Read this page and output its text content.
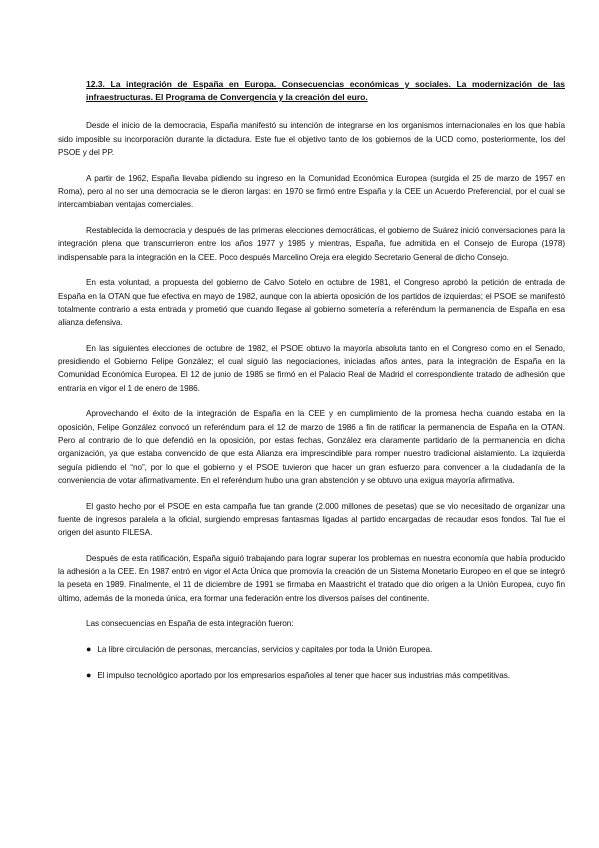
12.3. La integración de España en Europa. Consecuencias económicas y sociales. La modernización de las infraestructuras. El Programa de Convergencia y la creación del euro.

Desde el inicio de la democracia, España manifestó su intención de integrarse en los organismos internacionales en los que había sido imposible su incorporación durante la dictadura. Este fue el objetivo tanto de los gobiernos de la UCD como, posteriormente, los del PSOE y del PP.

A partir de 1962, España llevaba pidiendo su ingreso en la Comunidad Económica Europea (surgida el 25 de marzo de 1957 en Roma), pero al no ser una democracia se le dieron largas: en 1970 se firmó entre España y la CEE un Acuerdo Preferencial, por el cual se intercambiaban ventajas comerciales.

Restablecida la democracia y después de las primeras elecciones democráticas, el gobierno de Suárez inició conversaciones para la integración plena que transcurrieron entre los años 1977 y 1985 y mientras, España, fue admitida en el Consejo de Europa (1978) indispensable para la integración en la CEE. Poco después Marcelino Oreja era elegido Secretario General de dicho Consejo.

En esta voluntad, a propuesta del gobierno de Calvo Sotelo en octubre de 1981, el Congreso aprobó la petición de entrada de España en la OTAN que fue efectiva en mayo de 1982, aunque con la abierta oposición de los partidos de izquierdas; el PSOE se manifestó totalmente contrario a esta entrada y prometió que cuando llegase al gobierno sometería a referéndum la permanencia de España en esa alianza defensiva.

En las siguientes elecciones de octubre de 1982, el PSOE obtuvo la mayoría absoluta tanto en el Congreso como en el Senado, presidiendo el Gobierno Felipe González; el cual siguió las negociaciones, iniciadas años antes, para la integración de España en la Comunidad Económica Europea. El 12 de junio de 1985 se firmó en el Palacio Real de Madrid el correspondiente tratado de adhesión que entraría en vigor el 1 de enero de 1986.

Aprovechando el éxito de la integración de España en la CEE y en cumplimiento de la promesa hecha cuando estaba en la oposición, Felipe González convocó un referéndum para el 12 de marzo de 1986 a fin de ratificar la permanencia de España en la OTAN. Pero al contrario de lo que defendió en la oposición, por estas fechas, González era claramente partidario de la permanencia en dicha organización, ya que estaba convencido de que esta Alianza era imprescindible para romper nuestro tradicional aislamiento. La izquierda seguía pidiendo el “no”, por lo que el gobierno y el PSOE tuvieron que hacer un gran esfuerzo para convencer a la ciudadanía de la conveniencia de votar afirmativamente. En el referéndum hubo una gran abstención y se obtuvo una exigua mayoría afirmativa.

El gasto hecho por el PSOE en esta campaña fue tan grande (2.000 millones de pesetas) que se vio necesitado de organizar una fuente de ingresos paralela a la oficial, surgiendo empresas fantasmas ligadas al partido encargadas de recaudar esos fondos. Tal fue el origen del asunto FILESA.

Después de esta ratificación, España siguió trabajando para lograr superar los problemas en nuestra economía que había producido la adhesión a la CEE. En 1987 entró en vigor el Acta Única que promovía la creación de un Sistema Monetario Europeo en el que se integró la peseta en 1989. Finalmente, el 11 de diciembre de 1991 se firmaba en Maastricht el tratado que dio origen a la Unión Europea, cuyo fin último, además de la moneda única, era formar una federación entre los diversos países del continente.

Las consecuencias en España de esta integración fueron:

● La libre circulación de personas, mercancías, servicios y capitales por toda la Unión Europea.

● El impulso tecnológico aportado por los empresarios españoles al tener que hacer sus industrias más competitivas.
